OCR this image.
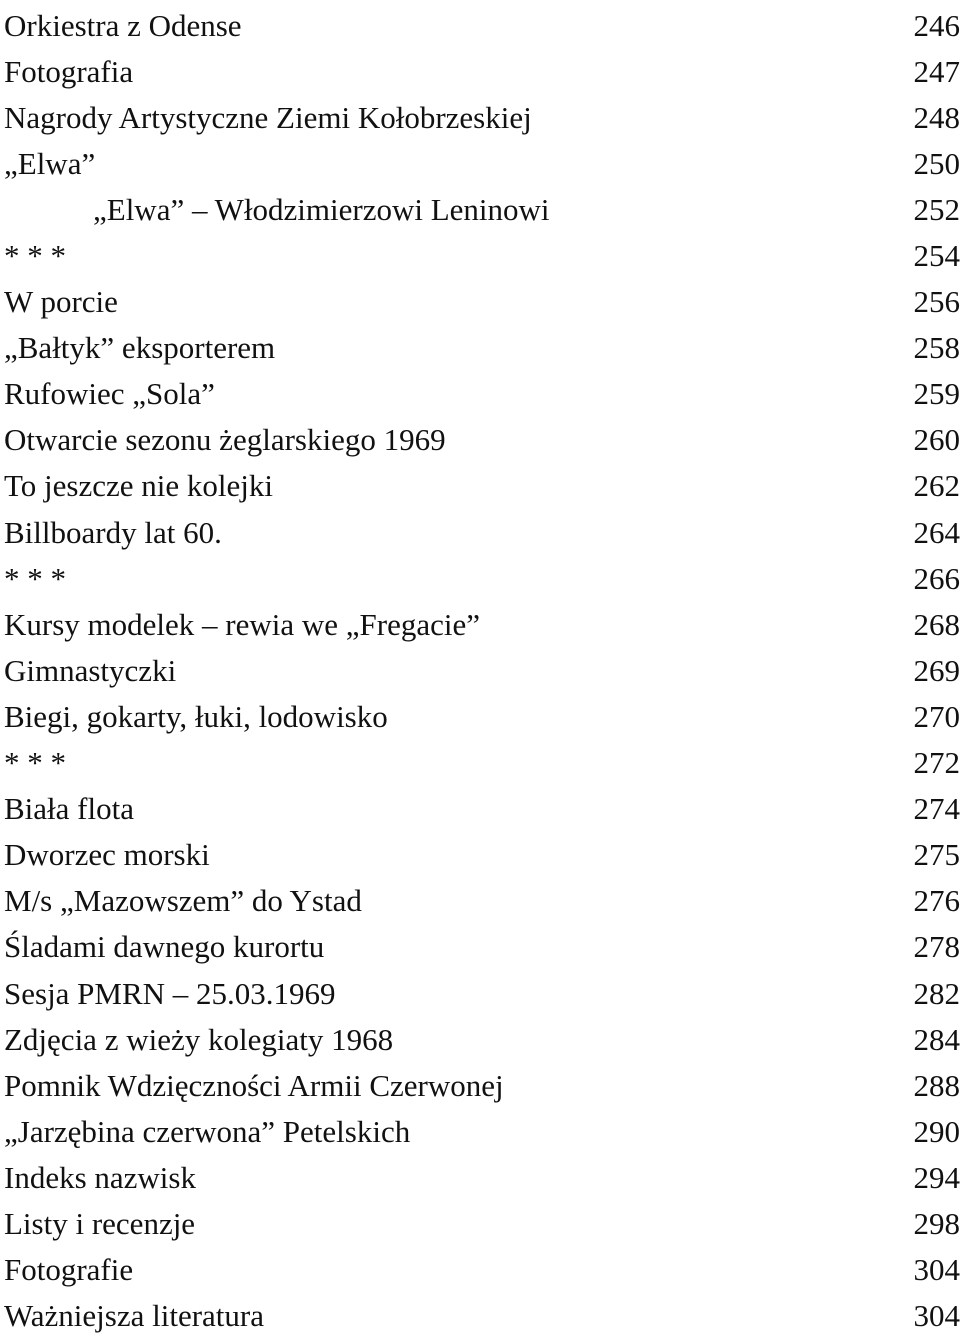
Orkiestra z Odense	246
Fotografia	247
Nagrody Artystyczne Ziemi Kołobrzeskiej	248
„Elwa”	250
„Elwa” – Włodzimierzowi Leninowi	252
* * *	254
W porcie	256
„Bałtyk” eksporterem	258
Rufowiec „Sola”	259
Otwarcie sezonu żeglarskiego 1969	260
To jeszcze nie kolejki	262
Billboardy lat 60.	264
* * *	266
Kursy modelek – rewia we „Fregacie”	268
Gimnastyczki	269
Biegi, gokarty, łuki, lodowisko	270
* * *	272
Biała flota	274
Dworzec morski	275
M/s „Mazowszem” do Ystad	276
Śladami dawnego kurortu	278
Sesja PMRN – 25.03.1969	282
Zdjęcia z wieży kolegiaty 1968	284
Pomnik Wdzięczności Armii Czerwonej	288
„Jarzębina czerwona” Petelskich	290
Indeks nazwisk	294
Listy i recenzje	298
Fotografie	304
Ważniejsza literatura	304
